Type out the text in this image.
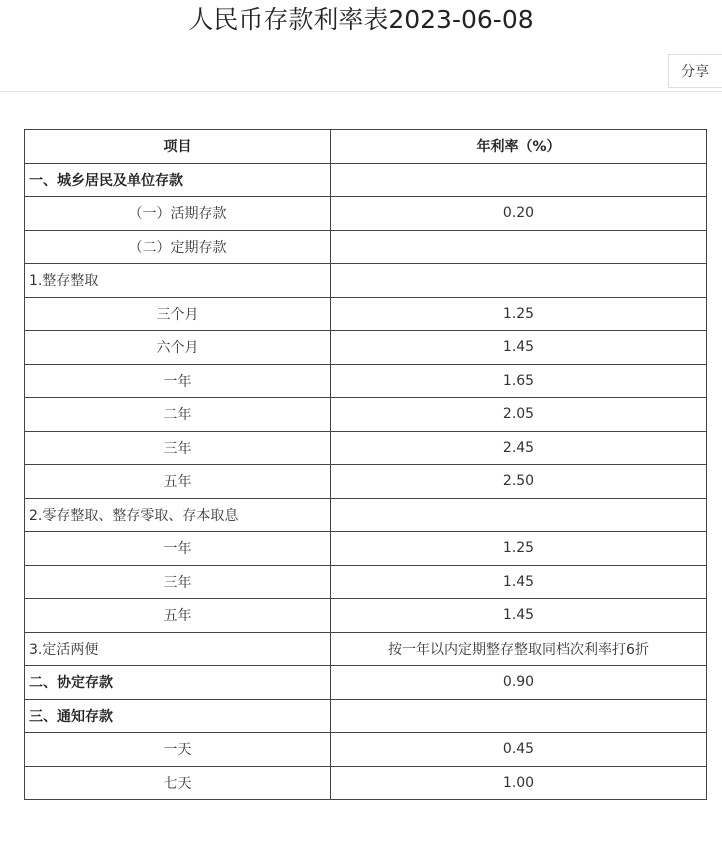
人民币存款利率表2023-06-08
分享
项目	年利率（%）
一、城乡居民及单位存款	
（一）活期存款	0.20
（二）定期存款	
1.整存整取	
三个月	1.25
六个月	1.45
一年	1.65
二年	2.05
三年	2.45
五年	2.50
2.零存整取、整存零取、存本取息	
一年	1.25
三年	1.45
五年	1.45
3.定活两便	按一年以内定期整存整取同档次利率打6折
二、协定存款	0.90
三、通知存款	
一天	0.45
七天	1.00
